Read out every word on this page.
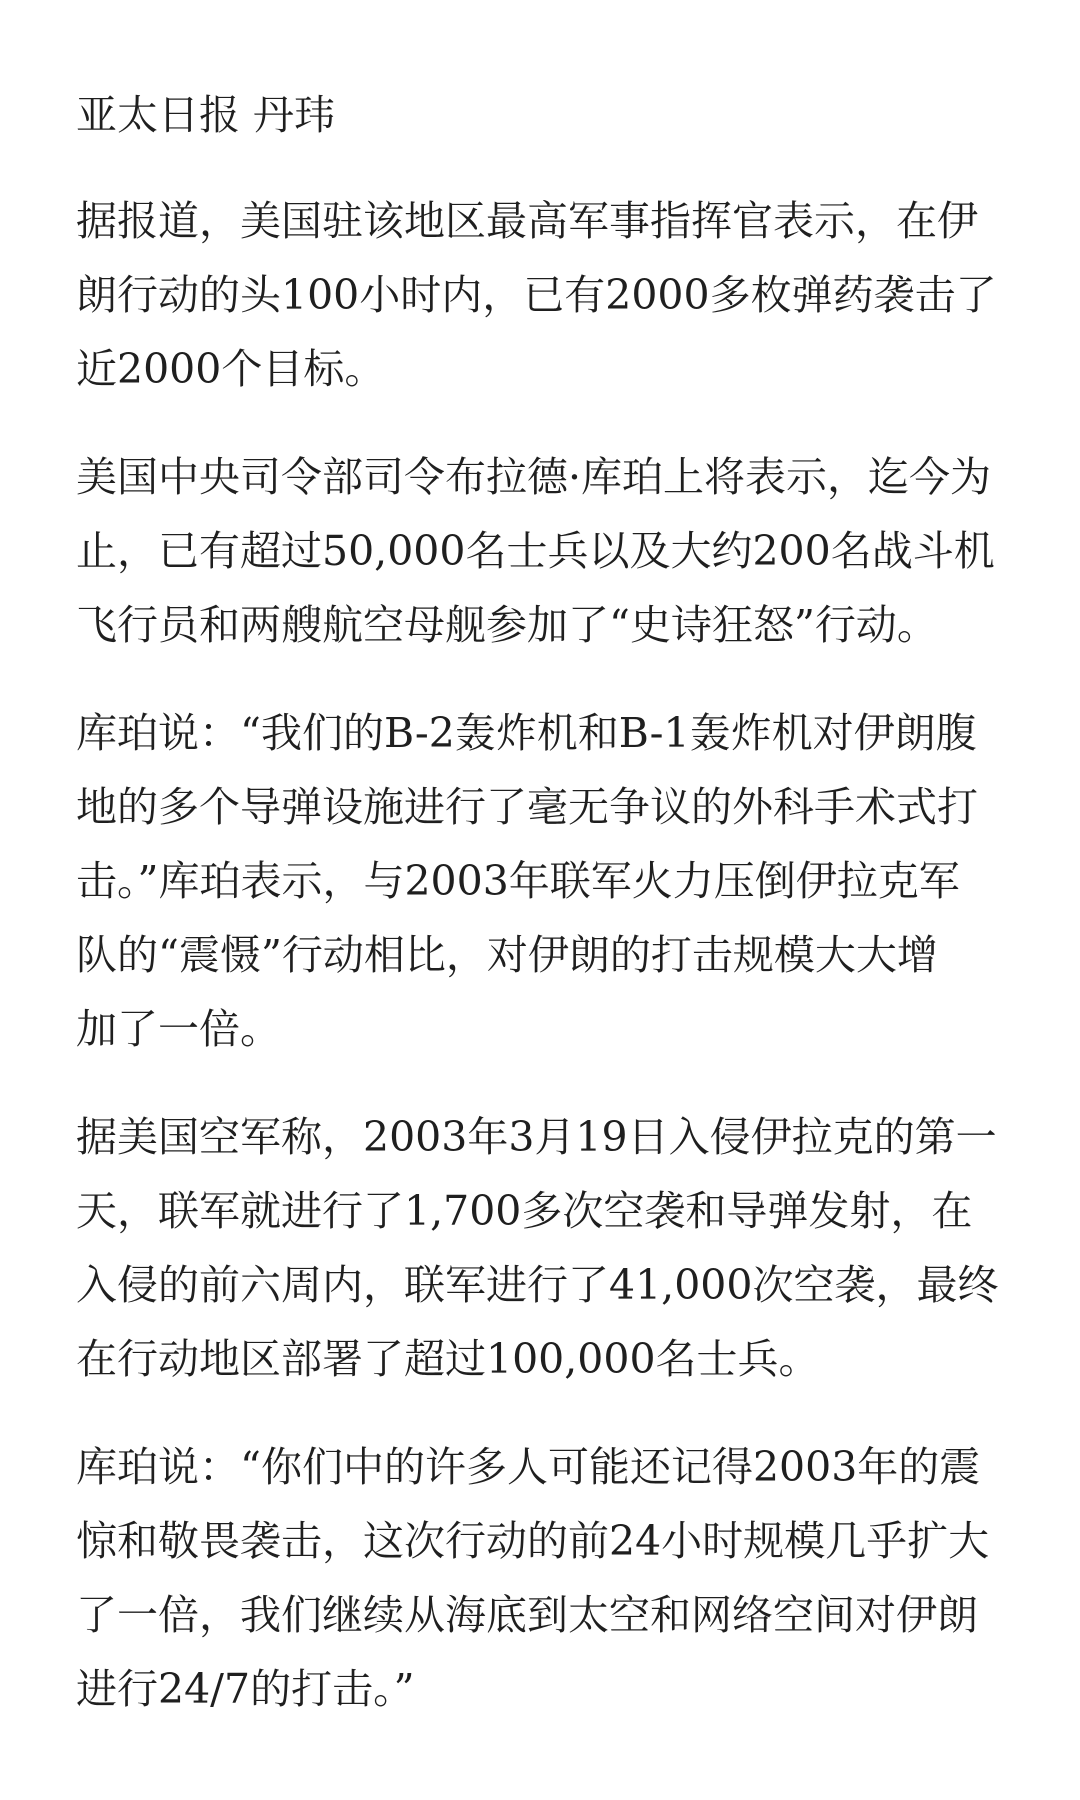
亚太日报 丹玮
据报道，美国驻该地区最高军事指挥官表示，在伊
朗行动的头100小时内，已有2000多枚弹药袭击了
近2000个目标。
美国中央司令部司令布拉德·库珀上将表示，迄今为
止，已有超过50,000名士兵以及大约200名战斗机
飞行员和两艘航空母舰参加了“史诗狂怒”行动。
库珀说：“我们的B-2轰炸机和B-1轰炸机对伊朗腹
地的多个导弹设施进行了毫无争议的外科手术式打
击。”库珀表示，与2003年联军火力压倒伊拉克军
队的“震慑”行动相比，对伊朗的打击规模大大增
加了一倍。
据美国空军称，2003年3月19日入侵伊拉克的第一
天，联军就进行了1,700多次空袭和导弹发射，在
入侵的前六周内，联军进行了41,000次空袭，最终
在行动地区部署了超过100,000名士兵。
库珀说：“你们中的许多人可能还记得2003年的震
惊和敬畏袭击，这次行动的前24小时规模几乎扩大
了一倍，我们继续从海底到太空和网络空间对伊朗
进行24/7的打击。”
